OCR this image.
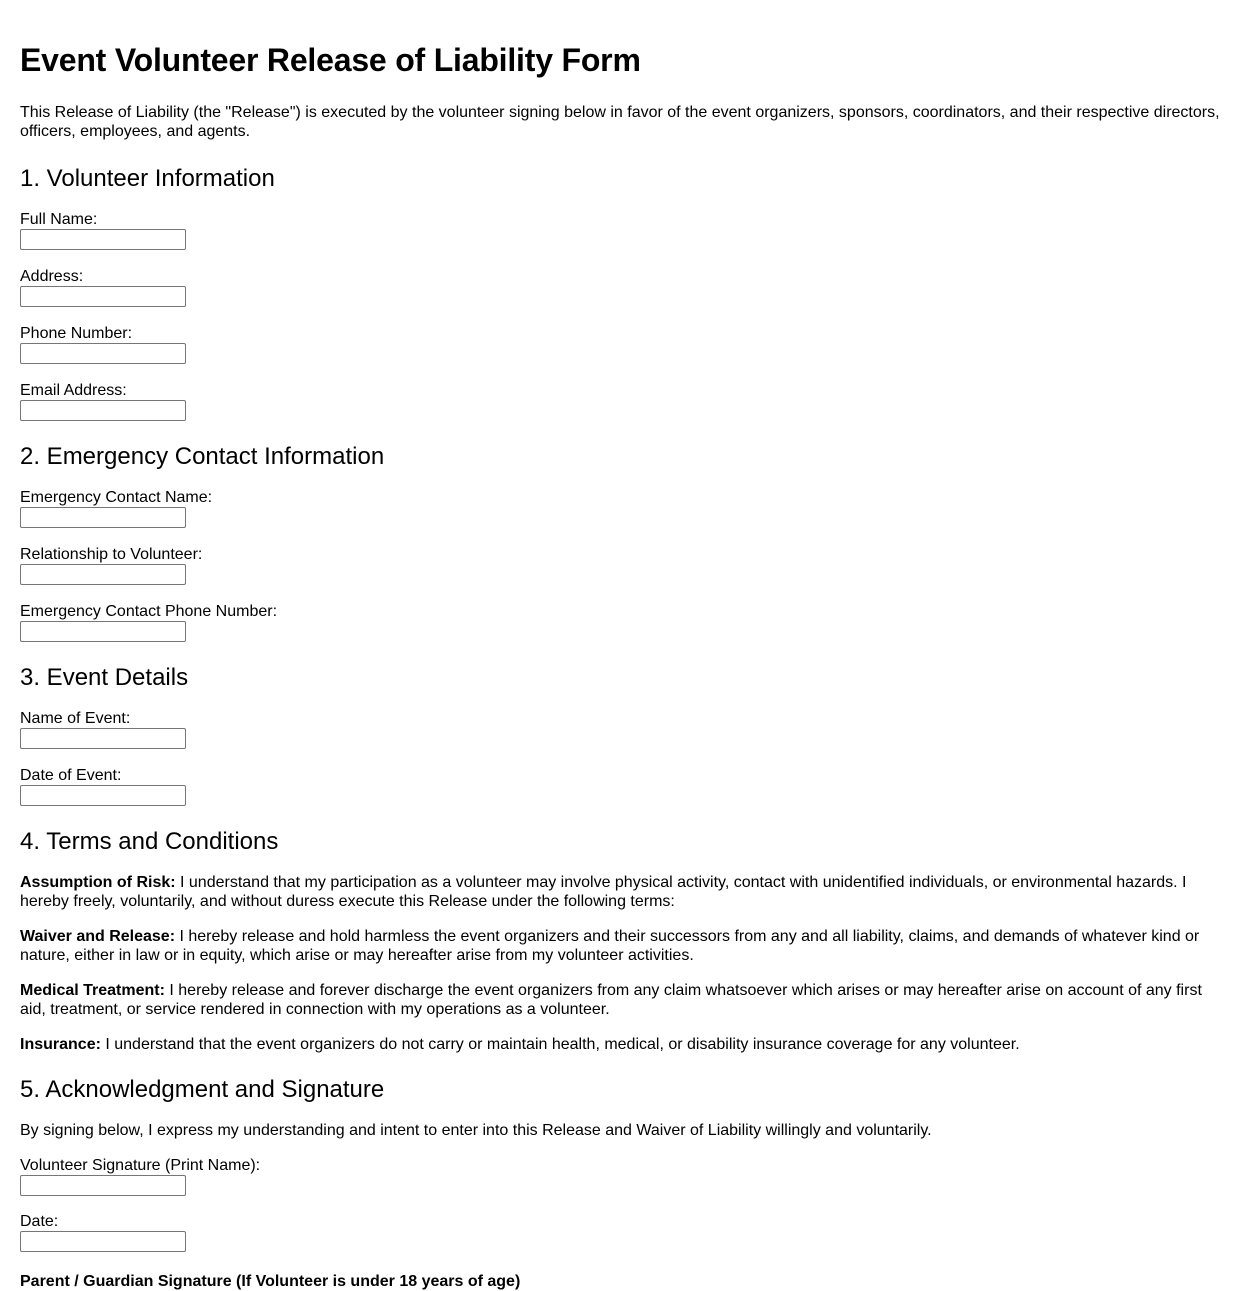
Event Volunteer Release of Liability Form

This Release of Liability (the "Release") is executed by the volunteer signing below in favor of the event organizers, sponsors, coordinators, and their respective directors, officers, employees, and agents.

1. Volunteer Information
Full Name:
Address:
Phone Number:
Email Address:
2. Emergency Contact Information
Emergency Contact Name:
Relationship to Volunteer:
Emergency Contact Phone Number:
3. Event Details
Name of Event:
Date of Event:
4. Terms and Conditions

Assumption of Risk: I understand that my participation as a volunteer may involve physical activity, contact with unidentified individuals, or environmental hazards. I hereby freely, voluntarily, and without duress execute this Release under the following terms:

Waiver and Release: I hereby release and hold harmless the event organizers and their successors from any and all liability, claims, and demands of whatever kind or nature, either in law or in equity, which arise or may hereafter arise from my volunteer activities.

Medical Treatment: I hereby release and forever discharge the event organizers from any claim whatsoever which arises or may hereafter arise on account of any first aid, treatment, or service rendered in connection with my operations as a volunteer.

Insurance: I understand that the event organizers do not carry or maintain health, medical, or disability insurance coverage for any volunteer.

5. Acknowledgment and Signature

By signing below, I express my understanding and intent to enter into this Release and Waiver of Liability willingly and voluntarily.

Volunteer Signature (Print Name):
Date:

Parent / Guardian Signature (If Volunteer is under 18 years of age)
